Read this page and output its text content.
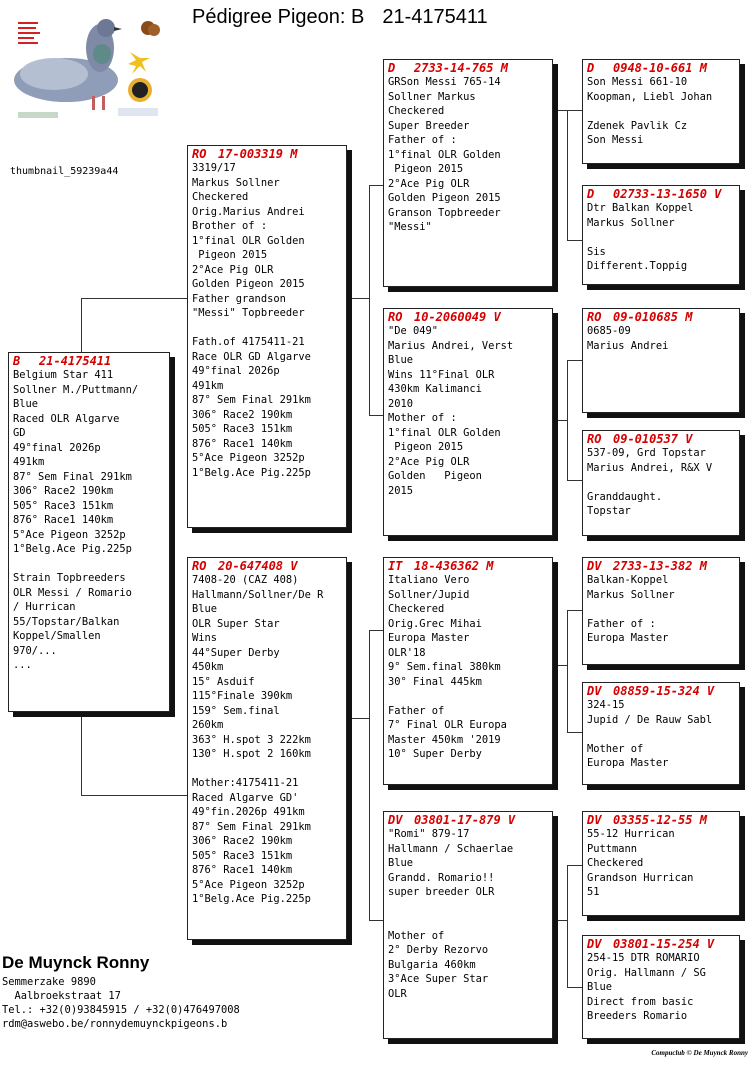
Pédigree Pigeon: B 21-4175411
thumbnail_59239a44
B 21-4175411
Belgium Star 411
Sollner M./Puttmann/
Blue
Raced OLR Algarve
GD
49°final 2026p
491km
87° Sem Final 291km
306° Race2 190km
505° Race3 151km
876° Race1 140km
5°Ace Pigeon 3252p
1°Belg.Ace Pig.225p

Strain Topbreeders
OLR Messi / Romario
/ Hurrican
55/Topstar/Balkan
Koppel/Smallen
970/...
...
RO 17-003319 M
3319/17
Markus Sollner
Checkered
Orig.Marius Andrei
Brother of :
1°final OLR Golden
Pigeon 2015
2°Ace Pig OLR
Golden Pigeon 2015
Father grandson
"Messi" Topbreeder

Fath.of 4175411-21
Race OLR GD Algarve
49°final 2026p
491km
87° Sem Final 291km
306° Race2 190km
505° Race3 151km
876° Race1 140km
5°Ace Pigeon 3252p
1°Belg.Ace Pig.225p
RO 20-647408 V
7408-20 (CAZ 408)
Hallmann/Sollner/De R
Blue
OLR Super Star
Wins
44°Super Derby
450km
15° Asduif
115°Finale 390km
159° Sem.final
260km
363° H.spot 3 222km
130° H.spot 2 160km

Mother:4175411-21
Raced Algarve GD'
49°fin.2026p 491km
87° Sem Final 291km
306° Race2 190km
505° Race3 151km
876° Race1 140km
5°Ace Pigeon 3252p
1°Belg.Ace Pig.225p
D 2733-14-765 M
GRSon Messi 765-14
Sollner Markus
Checkered
Super Breeder
Father of :
1°final OLR Golden
Pigeon 2015
2°Ace Pig OLR
Golden Pigeon 2015
Granson Topbreeder
"Messi"
RO 10-2060049 V
"De 049"
Marius Andrei, Verst
Blue
Wins 11°Final OLR
430km Kalimanci
2010
Mother of :
1°final OLR Golden
Pigeon 2015
2°Ace Pig OLR
Golden   Pigeon
2015
IT 18-436362 M
Italiano Vero
Sollner/Jupid
Checkered
Orig.Grec Mihai
Europa Master
OLR'18
9° Sem.final 380km
30° Final 445km

Father of
7° Final OLR Europa
Master 450km '2019
10° Super Derby
DV 03801-17-879 V
"Romi" 879-17
Hallmann / Schaerlae
Blue
Grandd. Romario!!
super breeder OLR

Mother of
2° Derby Rezorvo
Bulgaria 460km
3°Ace Super Star
OLR
D 0948-10-661 M
Son Messi 661-10
Koopman, Liebl Johan

Zdenek Pavlik Cz
Son Messi
D 02733-13-1650 V
Dtr Balkan Koppel
Markus Sollner

Sis
Different.Toppig
RO 09-010685 M
0685-09
Marius Andrei
RO 09-010537 V
537-09, Grd Topstar
Marius Andrei, R&X V

Granddaught.
Topstar
DV 2733-13-382 M
Balkan-Koppel
Markus Sollner

Father of :
Europa Master
DV 08859-15-324 V
324-15
Jupid / De Rauw Sabl

Mother of
Europa Master
DV 03355-12-55 M
55-12 Hurrican
Puttmann
Checkered
Grandson Hurrican
51
DV 03801-15-254 V
254-15 DTR ROMARIO
Orig. Hallmann / SG
Blue
Direct from basic
Breeders Romario
De Muynck Ronny
Semmerzake 9890
Aalbroekstraat 17
Tel.: +32(0)93845915 / +32(0)476497008
rdm@aswebo.be/ronnydemuynckpigeons.b
Compuclub © De Muynck Ronny
